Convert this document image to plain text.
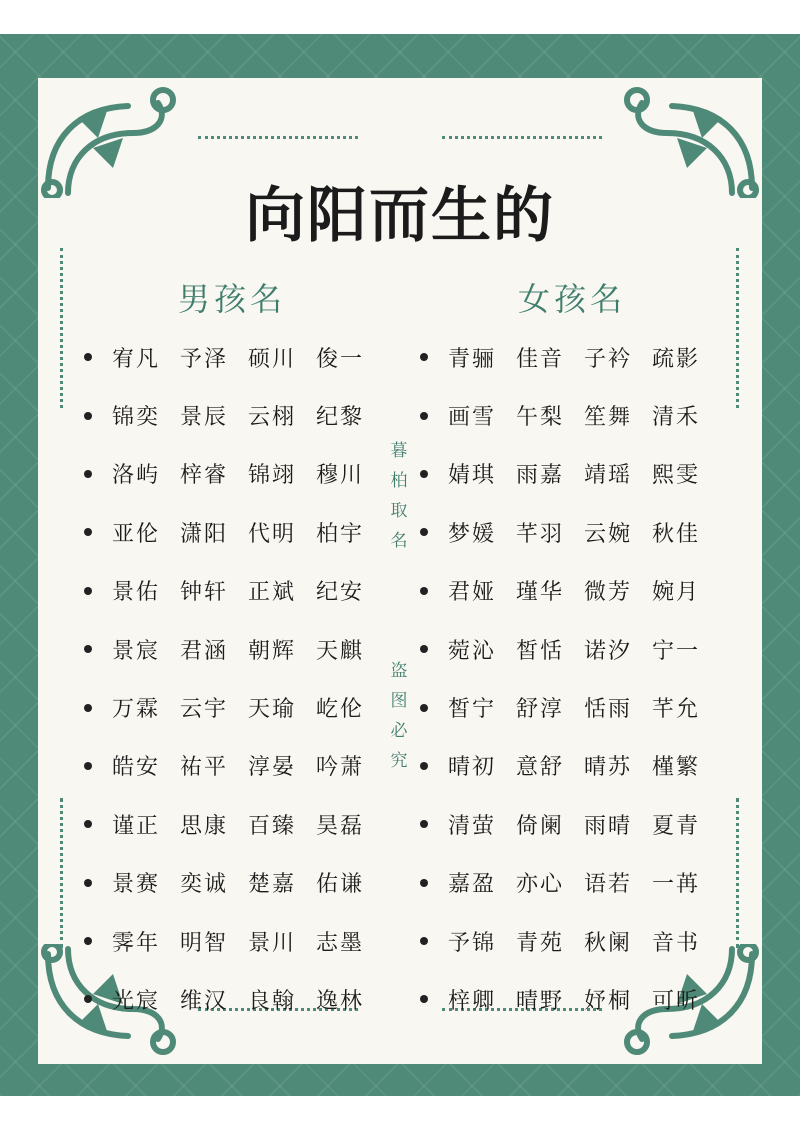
向阳而生的
男孩名	女孩名
宥凡 予泽 硕川 俊一
锦奕 景辰 云栩 纪黎
洛屿 梓睿 锦翊 穆川
亚伦 潇阳 代明 柏宇
景佑 钟轩 正斌 纪安
景宸 君涵 朝辉 天麒
万霖 云宇 天瑜 屹伦
皓安 祐平 淳晏 吟萧
谨正 思康 百臻 昊磊
景赛 奕诚 楚嘉 佑谦
霁年 明智 景川 志墨
光宸 维汉 良翰 逸林
青骊 佳音 子衿 疏影
画雪 午梨 笙舞 清禾
婧琪 雨嘉 靖瑶 熙雯
梦媛 芊羽 云婉 秋佳
君娅 瑾华 微芳 婉月
菀沁 皙恬 诺汐 宁一
皙宁 舒淳 恬雨 芊允
晴初 意舒 晴苏 槿繁
清萤 倚阑 雨晴 夏青
嘉盈 亦心 语若 一苒
予锦 青苑 秋阑 音书
梓卿 晴野 妤桐 可昕
暮
柏
取
名
盗
图
必
究
